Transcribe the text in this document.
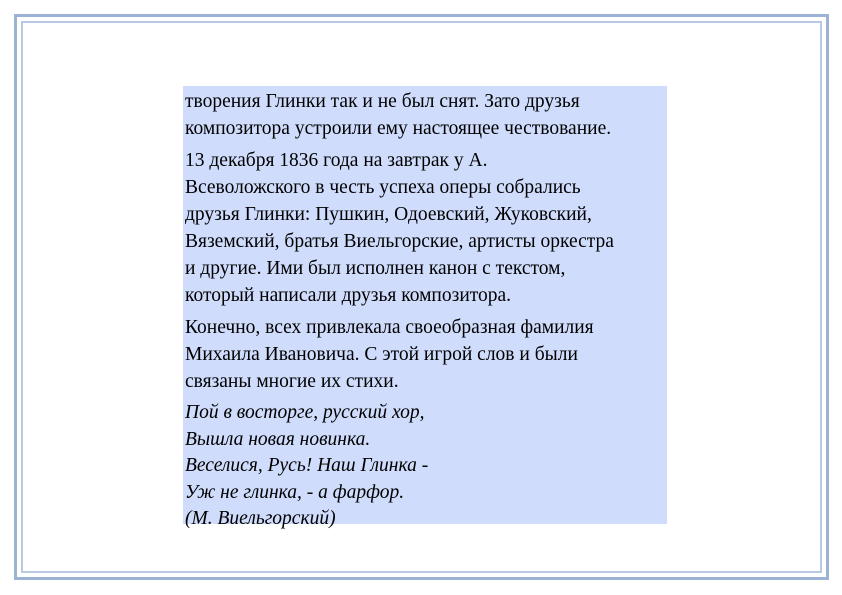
творения Глинки так и не был снят. Зато друзья
композитора устроили ему настоящее чествование.

13 декабря 1836 года на завтрак у А.
Всеволожского в честь успеха оперы собрались
друзья Глинки: Пушкин, Одоевский, Жуковский,
Вяземский, братья Виельгорские, артисты оркестра
и другие. Ими был исполнен канон с текстом,
который написали друзья композитора.

Конечно, всех привлекала своеобразная фамилия
Михаила Ивановича. С этой игрой слов и были
связаны многие их стихи.

Пой в восторге, русский хор,
Вышла новая новинка.
Веселися, Русь! Наш Глинка -
Уж не глинка, - а фарфор.
(М. Виельгорский)
